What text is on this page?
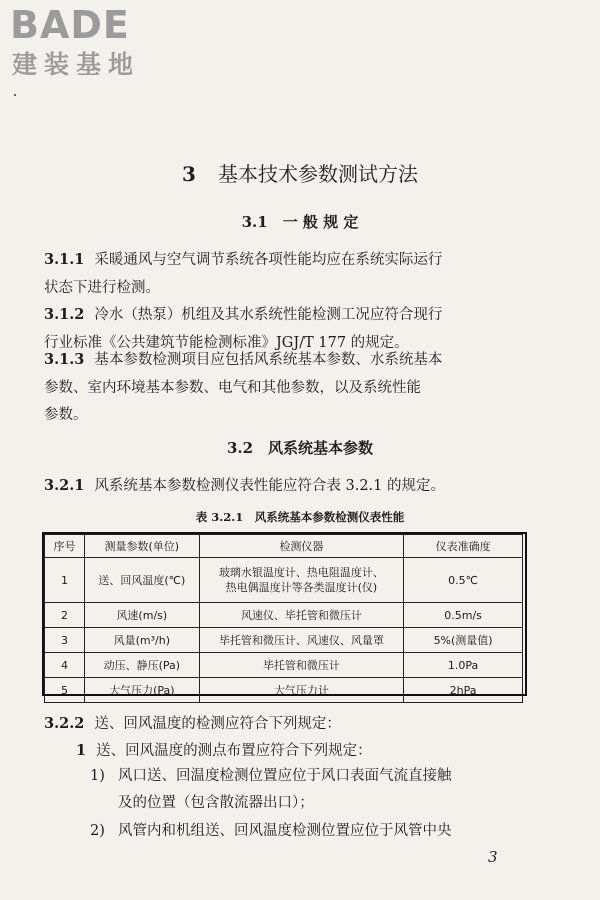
BADE
建装基地
3 基本技术参数测试方法
3.1　一 般 规 定
3.1.1 采暖通风与空气调节系统各项性能均应在系统实际运行
状态下进行检测。
3.1.2 冷水（热泵）机组及其水系统性能检测工况应符合现行
行业标准《公共建筑节能检测标准》JGJ/T 177 的规定。
3.1.3 基本参数检测项目应包括风系统基本参数、水系统基本
参数、室内环境基本参数、电气和其他参数，以及系统性能
参数。
3.2　风系统基本参数
3.2.1 风系统基本参数检测仪表性能应符合表 3.2.1 的规定。
表 3.2.1　风系统基本参数检测仪表性能
序号	测量参数(单位)	检测仪器	仪表准确度
1	送、回风温度(℃)	玻璃水银温度计、热电阻温度计、
热电偶温度计等各类温度计(仪)	0.5℃
2	风速(m/s)	风速仪、毕托管和微压计	0.5m/s
3	风量(m³/h)	毕托管和微压计、风速仪、风量罩	5%(测量值)
4	动压、静压(Pa)	毕托管和微压计	1.0Pa
5	大气压力(Pa)	大气压力计	2hPa
3.2.2 送、回风温度的检测应符合下列规定：
1 送、回风温度的测点布置应符合下列规定：
1) 风口送、回温度检测位置应位于风口表面气流直接触
及的位置（包含散流器出口）；
2) 风管内和机组送、回风温度检测位置应位于风管中央
3
